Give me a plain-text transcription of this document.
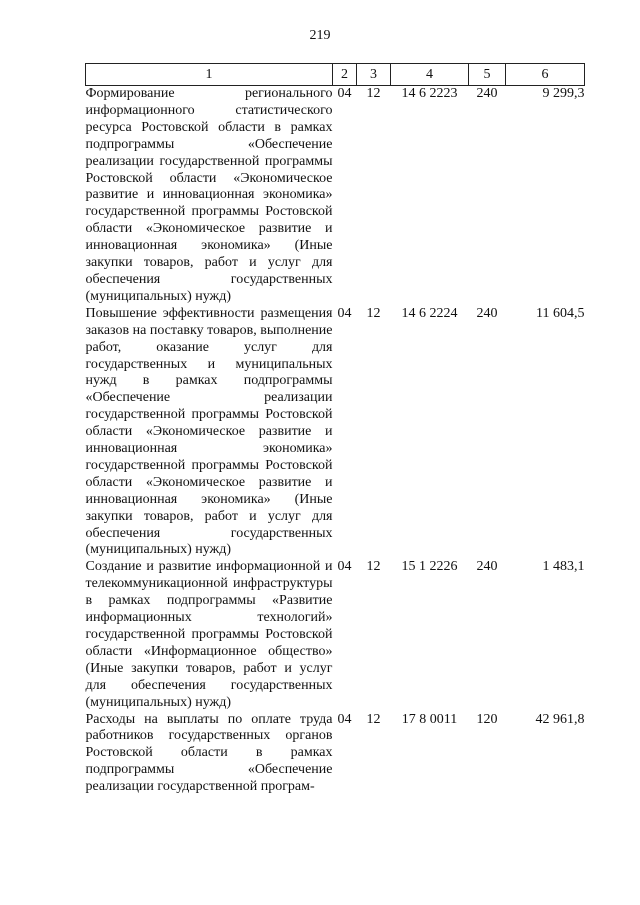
219
1	2	3	4	5	6
Формирование регионального информационного статистического ресурса Ростовской области в рамках подпрограммы «Обеспечение реализации государственной программы Ростовской области «Экономическое развитие и инновационная экономика» государственной программы Ростовской области «Экономическое развитие и инновационная экономика» (Иные закупки товаров, работ и услуг для обеспечения государственных (муниципальных) нужд)	04	12	14 6 2223	240	9 299,3
Повышение эффективности размещения заказов на поставку товаров, выполнение работ, оказание услуг для государственных и муниципальных нужд в рамках подпрограммы «Обеспечение реализации государственной программы Ростовской области «Экономическое развитие и инновационная экономика» государственной программы Ростовской области «Экономическое развитие и инновационная экономика» (Иные закупки товаров, работ и услуг для обеспечения государственных (муниципальных) нужд)	04	12	14 6 2224	240	11 604,5
Создание и развитие информационной и телекоммуникационной инфраструктуры в рамках подпрограммы «Развитие информационных технологий» государственной программы Ростовской области «Информационное общество» (Иные закупки товаров, работ и услуг для обеспечения государственных (муниципальных) нужд)	04	12	15 1 2226	240	1 483,1
Расходы на выплаты по оплате труда работников государственных органов Ростовской области в рамках подпрограммы «Обеспечение реализации государственной програм-	04	12	17 8 0011	120	42 961,8
